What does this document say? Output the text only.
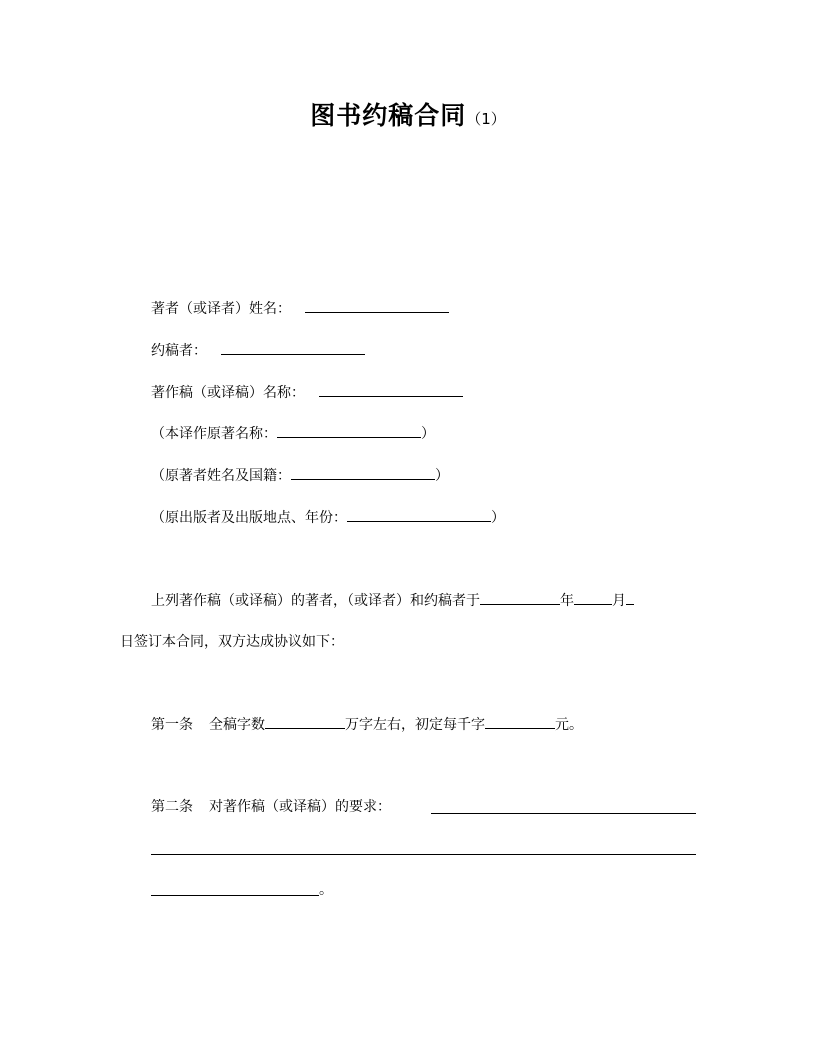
图书约稿合同（1）
著者（或译者）姓名：
约稿者：
著作稿（或译稿）名称：
（本译作原著名称：	）
（原著者姓名及国籍：	）
（原出版者及出版地点、年份：	）
上列著作稿（或译稿）的著者，（或译者）和约稿者于	年	月
日签订本合同，双方达成协议如下：
第一条 全稿字数	万字左右，初定每千字	元。
第二条 对著作稿（或译稿）的要求：
。
